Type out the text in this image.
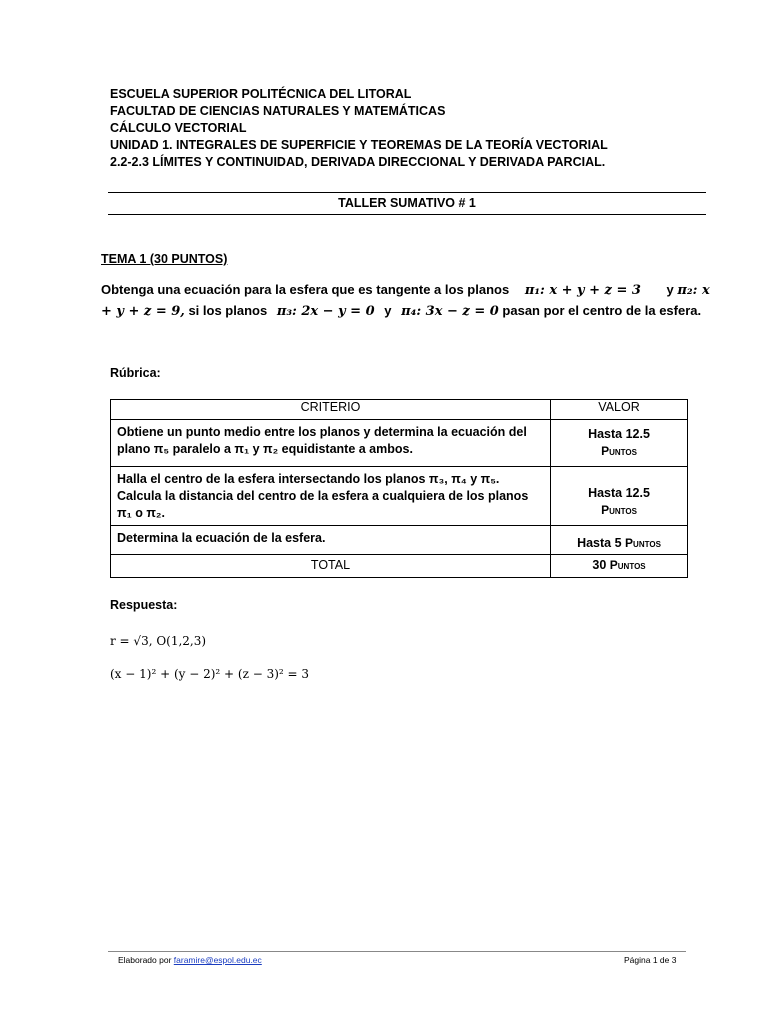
ESCUELA SUPERIOR POLITÉCNICA DEL LITORAL
FACULTAD DE CIENCIAS NATURALES Y MATEMÁTICAS
CÁLCULO VECTORIAL
UNIDAD 1. INTEGRALES DE SUPERFICIE Y TEOREMAS DE LA TEORÍA VECTORIAL
2.2-2.3 LÍMITES Y CONTINUIDAD, DERIVADA DIRECCIONAL Y DERIVADA PARCIAL.
TALLER SUMATIVO # 1
TEMA 1 (30 PUNTOS)
Obtenga una ecuación para la esfera que es tangente a los planos π₁: x + y + z = 3 y π₂: x + y + z = 9, si los planos π₃: 2x − y = 0 y π₄: 3x − z = 0 pasan por el centro de la esfera.
Rúbrica:
CRITERIO	VALOR
Obtiene un punto medio entre los planos y determina la ecuación del plano π₅ paralelo a π₁ y π₂ equidistante a ambos.	Hasta 12.5
Puntos

Halla el centro de la esfera intersectando los planos π₃, π₄ y π₅. Calcula la distancia del centro de la esfera a cualquiera de los planos π₁ o π₂.	Hasta 12.5
Puntos

Determina la ecuación de la esfera.	Hasta 5 Puntos
TOTAL	30 Puntos
Respuesta:
r = √3, O(1,2,3)
(x − 1)² + (y − 2)² + (z − 3)² = 3
Elaborado por faramire@espol.edu.ec	Página 1 de 3
